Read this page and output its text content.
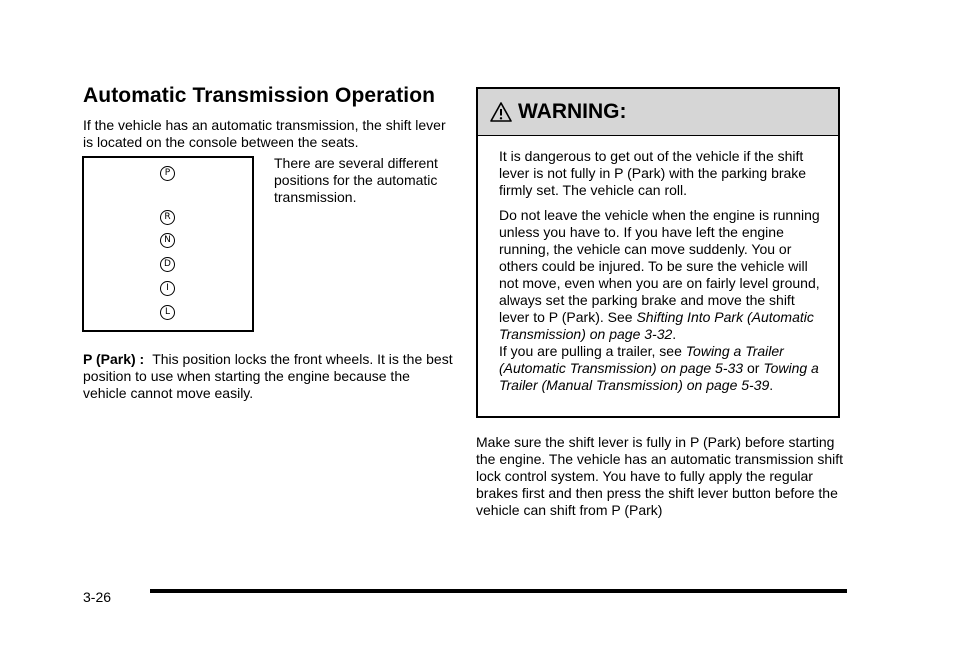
Automatic Transmission Operation
If the vehicle has an automatic transmission, the shift lever is located on the console between the seats.
P
R
N
D
I
L
There are several different positions for the automatic transmission.
P (Park) : This position locks the front wheels. It is the best position to use when starting the engine because the vehicle cannot move easily.
WARNING:

It is dangerous to get out of the vehicle if the shift lever is not fully in P (Park) with the parking brake firmly set. The vehicle can roll.

Do not leave the vehicle when the engine is running unless you have to. If you have left the engine running, the vehicle can move suddenly. You or others could be injured. To be sure the vehicle will not move, even when you are on fairly level ground, always set the parking brake and move the shift lever to P (Park). See Shifting Into Park (Automatic Transmission) on page 3‑32.
If you are pulling a trailer, see Towing a Trailer (Automatic Transmission) on page 5‑33 or Towing a Trailer (Manual Transmission) on page 5‑39.

Make sure the shift lever is fully in P (Park) before starting the engine. The vehicle has an automatic transmission shift lock control system. You have to fully apply the regular brakes first and then press the shift lever button before the vehicle can shift from P (Park)
3-26
